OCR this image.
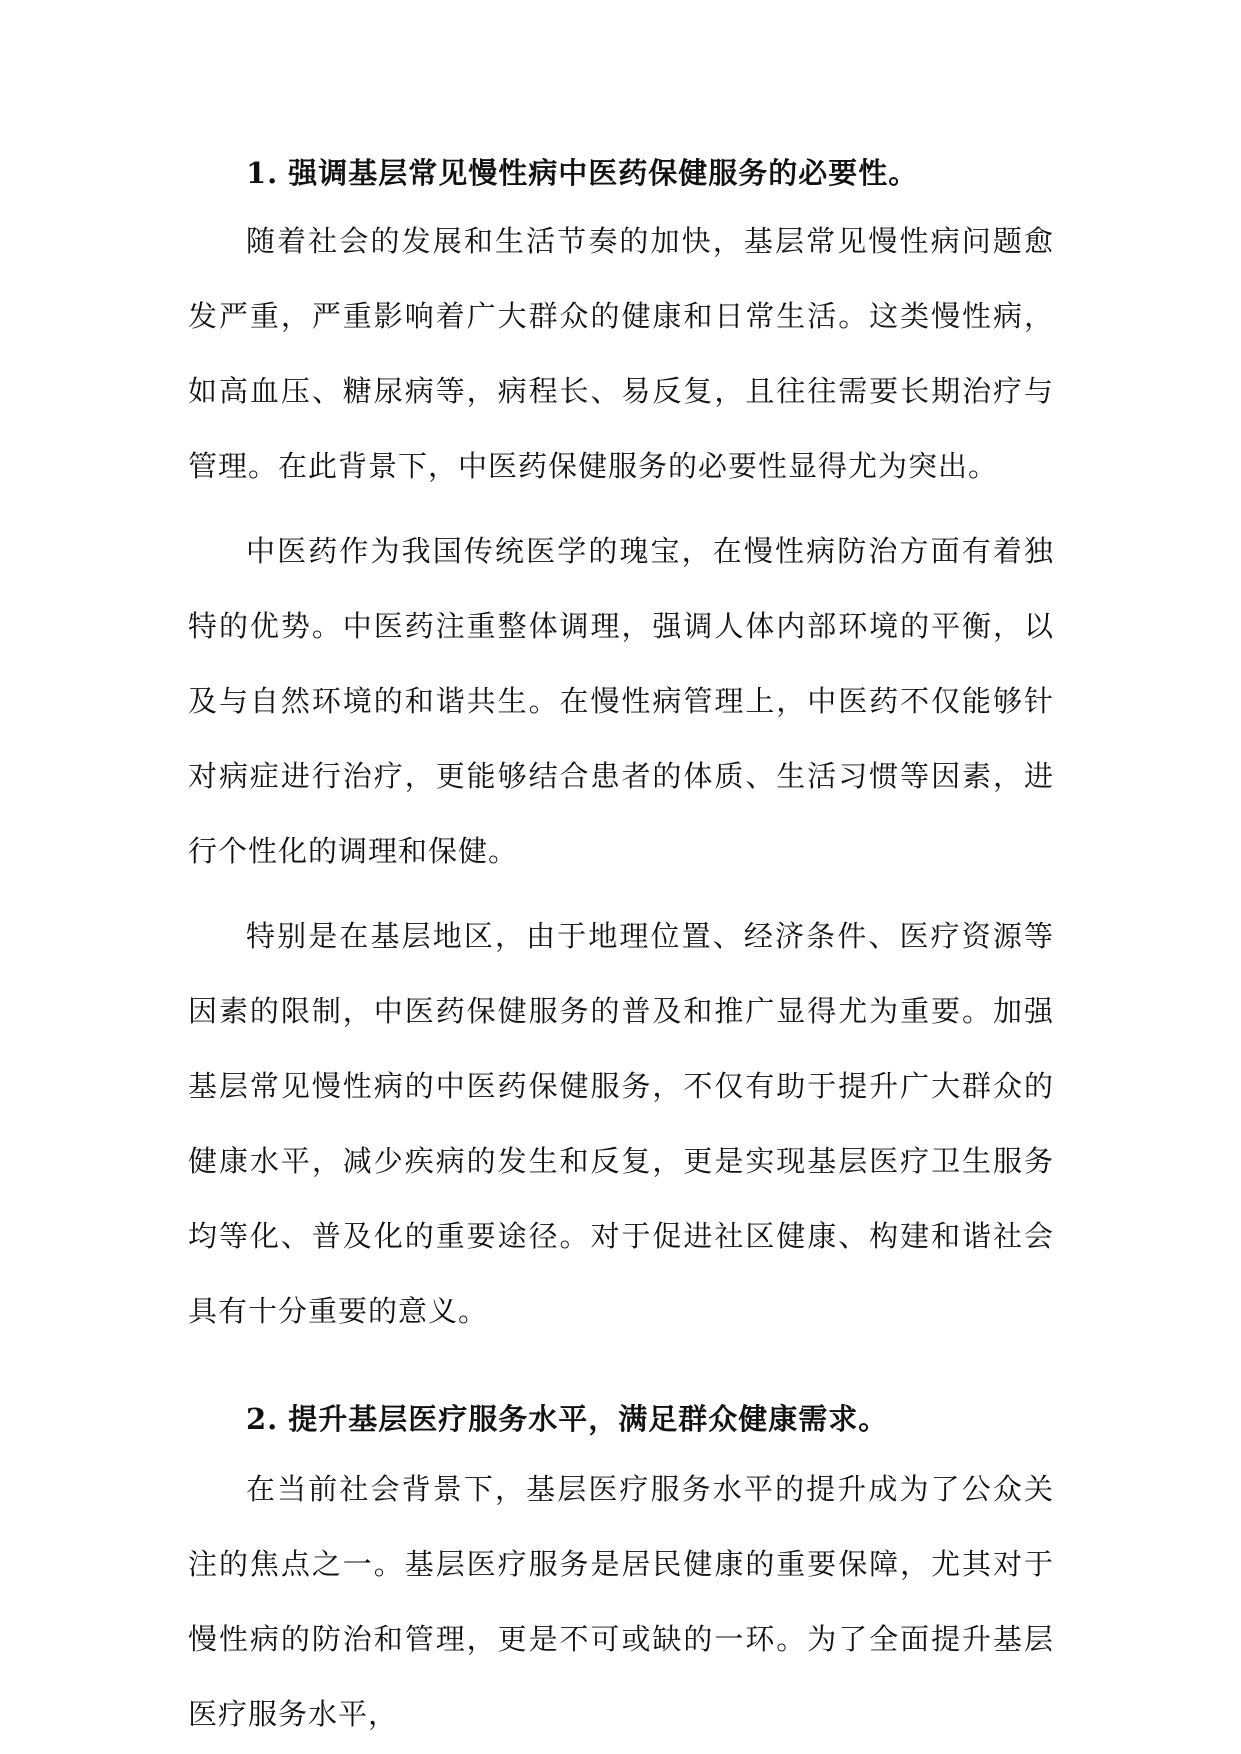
1. 强调基层常见慢性病中医药保健服务的必要性。

随着社会的发展和生活节奏的加快，基层常见慢性病问题愈发严重，严重影响着广大群众的健康和日常生活。这类慢性病，如高血压、糖尿病等，病程长、易反复，且往往需要长期治疗与管理。在此背景下，中医药保健服务的必要性显得尤为突出。

中医药作为我国传统医学的瑰宝，在慢性病防治方面有着独特的优势。中医药注重整体调理，强调人体内部环境的平衡，以及与自然环境的和谐共生。在慢性病管理上，中医药不仅能够针对病症进行治疗，更能够结合患者的体质、生活习惯等因素，进行个性化的调理和保健。

特别是在基层地区，由于地理位置、经济条件、医疗资源等因素的限制，中医药保健服务的普及和推广显得尤为重要。加强基层常见慢性病的中医药保健服务，不仅有助于提升广大群众的健康水平，减少疾病的发生和反复，更是实现基层医疗卫生服务均等化、普及化的重要途径。对于促进社区健康、构建和谐社会具有十分重要的意义。

2. 提升基层医疗服务水平，满足群众健康需求。

在当前社会背景下，基层医疗服务水平的提升成为了公众关注的焦点之一。基层医疗服务是居民健康的重要保障，尤其对于慢性病的防治和管理，更是不可或缺的一环。为了全面提升基层医疗服务水平，
